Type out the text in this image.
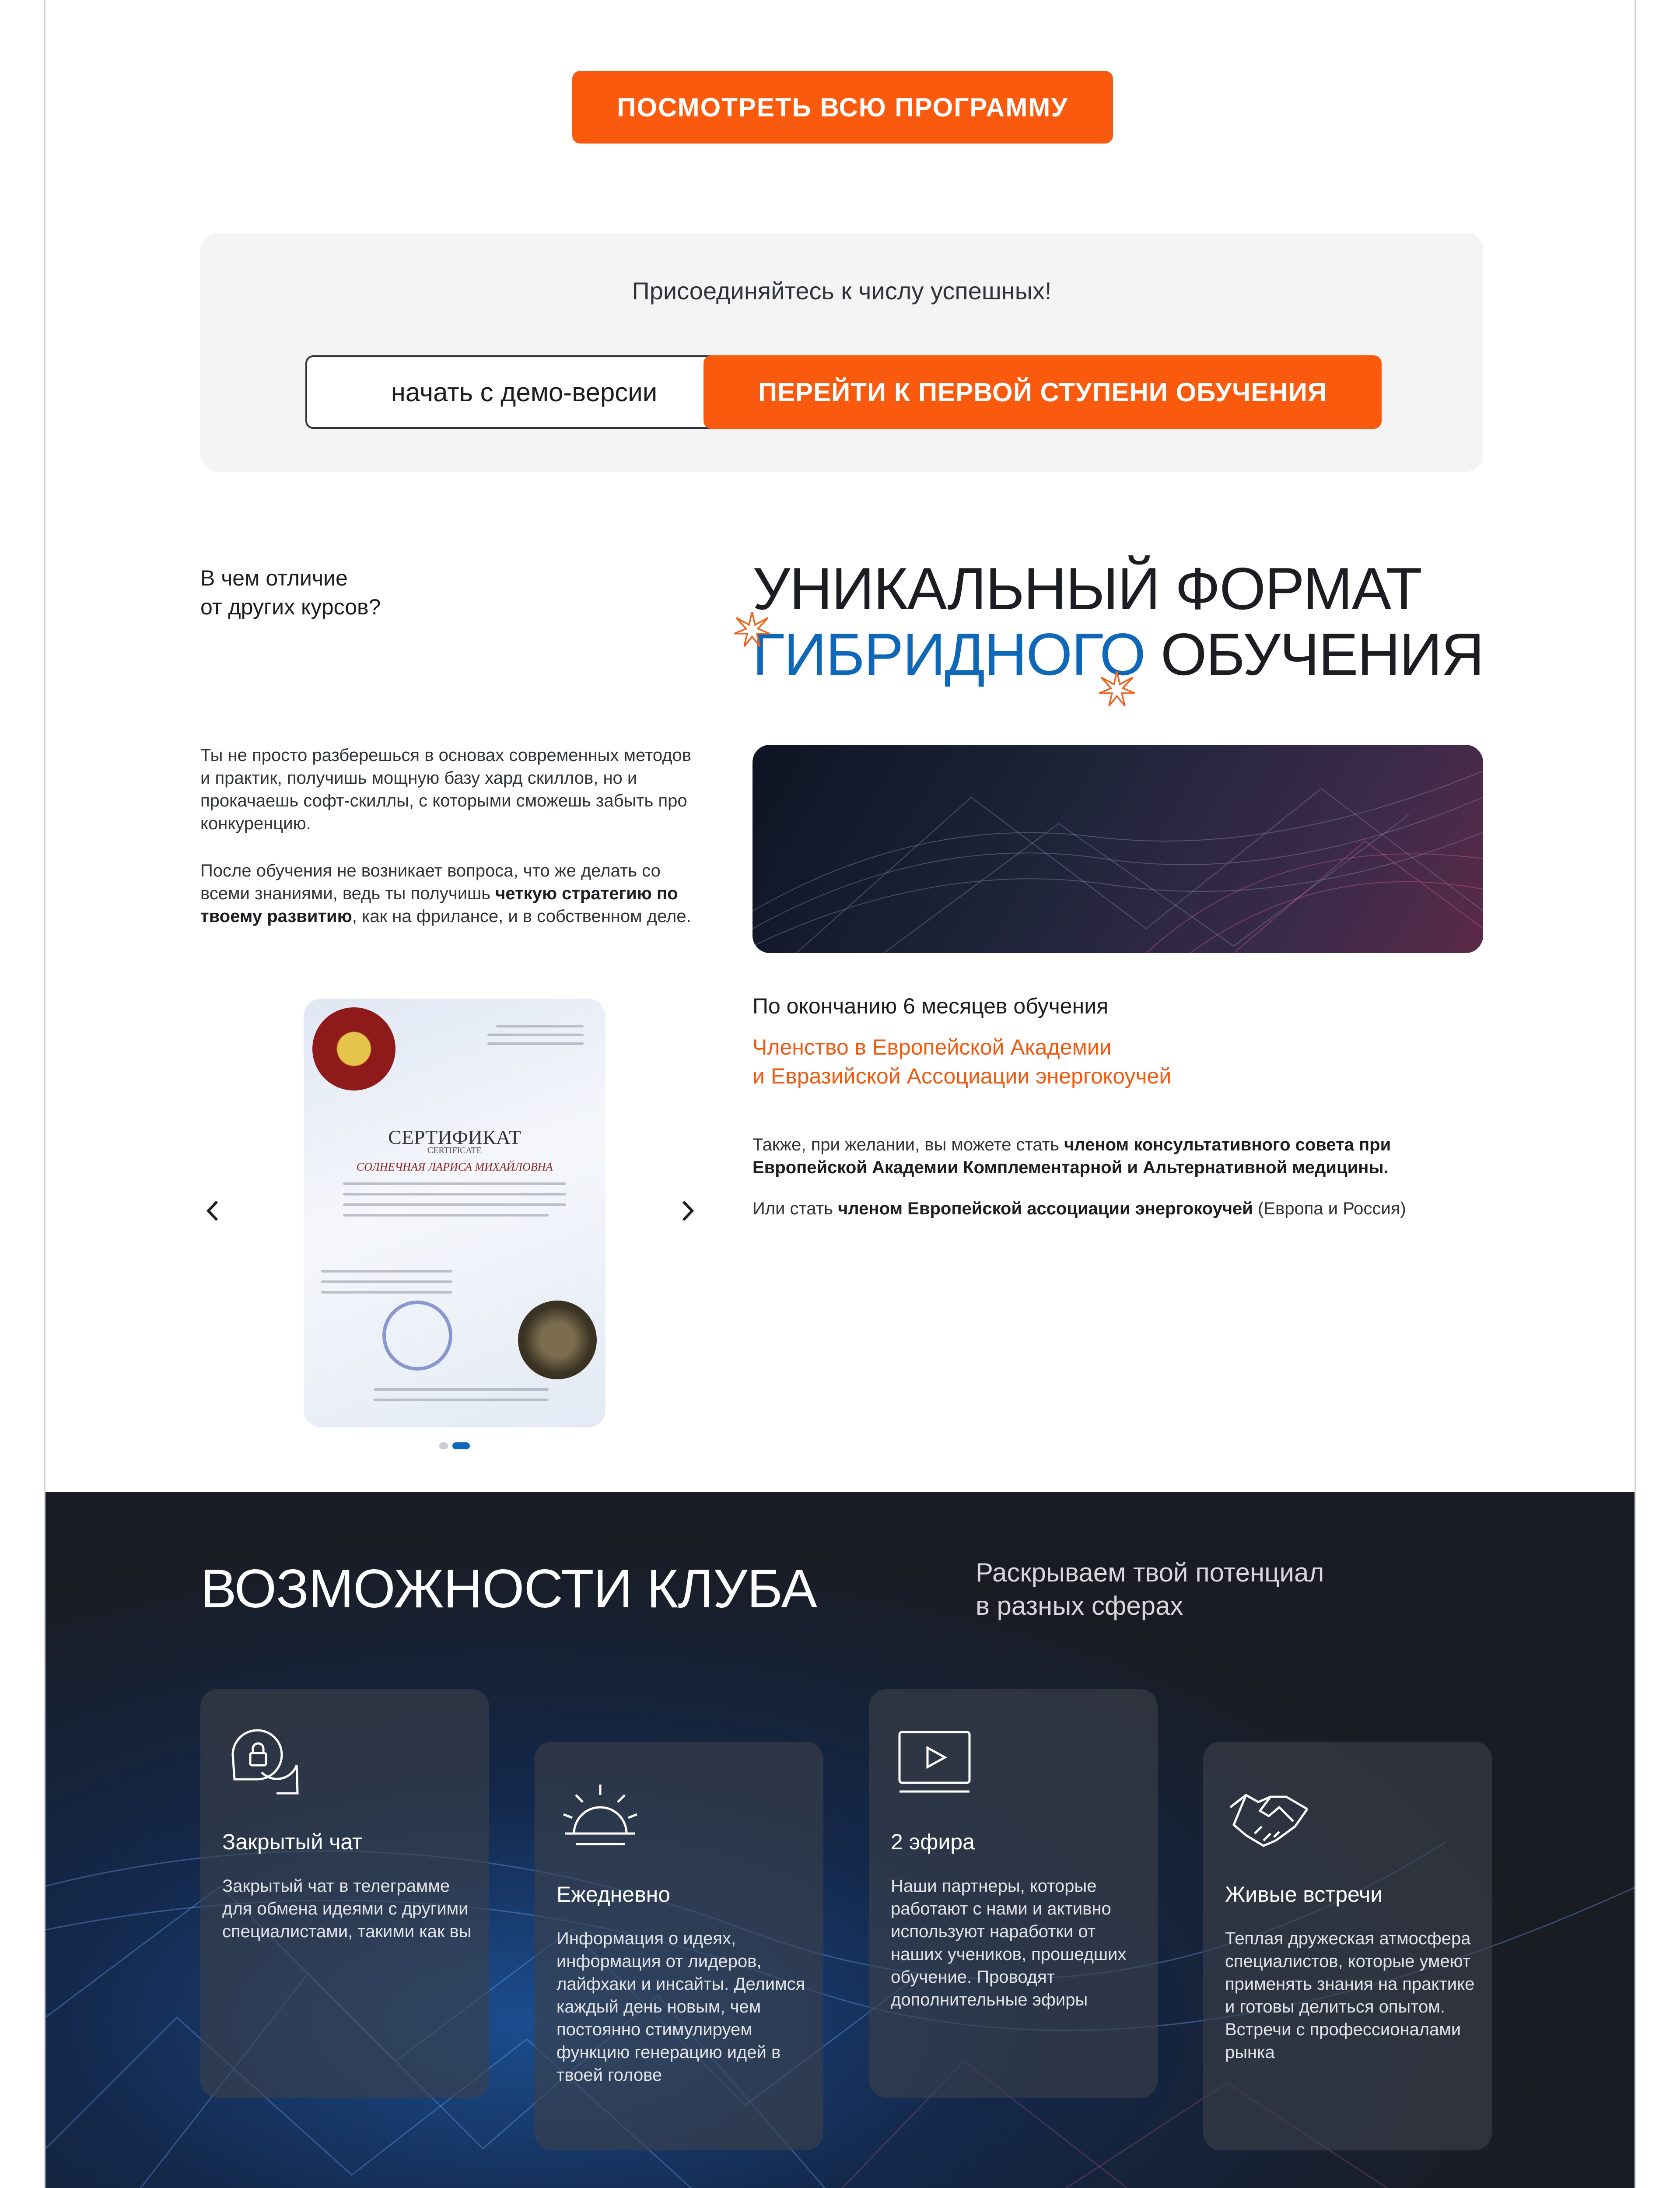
ПОСМОТРЕТЬ ВСЮ ПРОГРАММУ
Присоединяйтесь к числу успешных!
начать с демо-версии	ПЕРЕЙТИ К ПЕРВОЙ СТУПЕНИ ОБУЧЕНИЯ
В чем отличие
от других курсов?	УНИКАЛЬНЫЙ ФОРМАТ
ГИБРИДНОГО ОБУЧЕНИЯ
Ты не просто разберешься в основах современных методов и практик, получишь мощную базу хард скиллов, но и прокачаешь софт-скиллы, с которыми сможешь забыть про конкуренцию.
После обучения не возникает вопроса, что же делать со всеми знаниями, ведь ты получишь четкую стратегию по твоему развитию, как на фрилансе, и в собственном деле.
СЕРТИФИКАТ
CERTIFICATE
СОЛНЕЧНАЯ ЛАРИСА МИХАЙЛОВНА
По окончанию 6 месяцев обучения
Членство в Европейской Академии
и Евразийской Ассоциации энергокоучей
Также, при желании, вы можете стать членом консультативного совета при Европейской Академии Комплементарной и Альтернативной медицины.
Или стать членом Европейской ассоциации энергокоучей (Европа и Россия)
ВОЗМОЖНОСТИ КЛУБА	Раскрываем твой потенциал
в разных сферах
Закрытый чат
Закрытый чат в телеграмме для обмена идеями с другими специалистами, такими как вы
Ежедневно
Информация о идеях, информация от лидеров, лайфхаки и инсайты. Делимся каждый день новым, чем постоянно стимулируем функцию генерацию идей в твоей голове
2 эфира
Наши партнеры, которые работают с нами и активно используют наработки от наших учеников, прошедших обучение. Проводят дополнительные эфиры
Живые встречи
Теплая дружеская атмосфера специалистов, которые умеют применять знания на практике и готовы делиться опытом. Встречи с профессионалами рынка
